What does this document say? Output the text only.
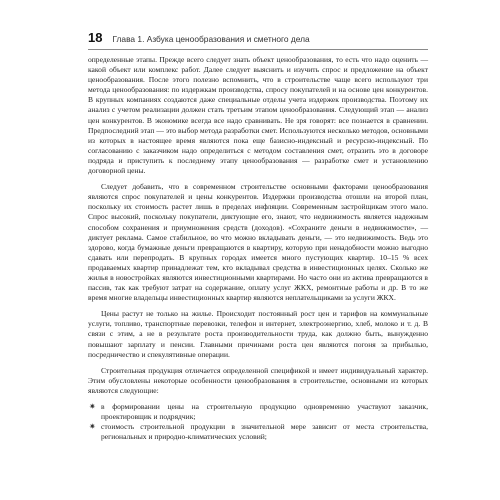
18 Глава 1. Азбука ценообразования и сметного дела

определенные этапы. Прежде всего следует знать объект ценообразования, то есть что надо оценить — какой объект или комплекс работ. Далее следует выяснить и изучить спрос и предложение на объект ценообразования. После этого полезно вспомнить, что в строительстве чаще всего используют три метода ценообразования: по издержкам производства, спросу покупателей и на основе цен конкурентов. В крупных компаниях создаются даже специальные отделы учета издержек производства. Поэтому их анализ с учетом реализации должен стать третьим этапом ценообразования. Следующий этап — анализ цен конкурентов. В экономике всегда все надо сравнивать. Не зря говорят: все познается в сравнении. Предпоследний этап — это выбор метода разработки смет. Используются несколько методов, основными из которых в настоящее время являются пока еще базисно-индексный и ресурсно-индексный. По согласованию с заказчиком надо определиться с методом составления смет, отразить это в договоре подряда и приступить к последнему этапу ценообразования — разработке смет и установлению договорной цены.

Следует добавить, что в современном строительстве основными факторами ценообразования являются спрос покупателей и цены конкурентов. Издержки производства отошли на второй план, поскольку их стоимость растет лишь в пределах инфляции. Современным застройщикам этого мало. Спрос высокий, поскольку покупатели, диктующие его, знают, что недвижимость является надежным способом сохранения и приумножения средств (доходов). «Сохраните деньги в недвижимости», — диктует реклама. Самое стабильное, во что можно вкладывать деньги, — это недвижимость. Ведь это здорово, когда бумажные деньги превращаются в квартиру, которую при ненадобности можно выгодно сдавать или перепродать. В крупных городах имеется много пустующих квартир. 10–15 % всех продаваемых квартир принадлежат тем, кто вкладывал средства в инвестиционных целях. Сколько же жилья в новостройках являются инвестиционными квартирами. Но часто они из актива превращаются в пассив, так как требуют затрат на содержание, оплату услуг ЖКХ, ремонтные работы и др. В то же время многие владельцы инвестиционных квартир являются неплательщиками за услуги ЖКХ.

Цены растут не только на жилье. Происходит постоянный рост цен и тарифов на коммунальные услуги, топливо, транспортные перевозки, телефон и интернет, электроэнергию, хлеб, молоко и т. д. В связи с этим, а не в результате роста производительности труда, как должно быть, вынужденно повышают зарплату и пенсии. Главными причинами роста цен являются погоня за прибылью, посредничество и спекулятивные операции.

Строительная продукция отличается определенной спецификой и имеет индивидуальный характер. Этим обусловлены некоторые особенности ценообразования в строительстве, основными из которых являются следующие:

✷ в формировании цены на строительную продукцию одновременно участвуют заказчик, проектировщик и подрядчик;
✷ стоимость строительной продукции в значительной мере зависит от места строительства, региональных и природно-климатических условий;
